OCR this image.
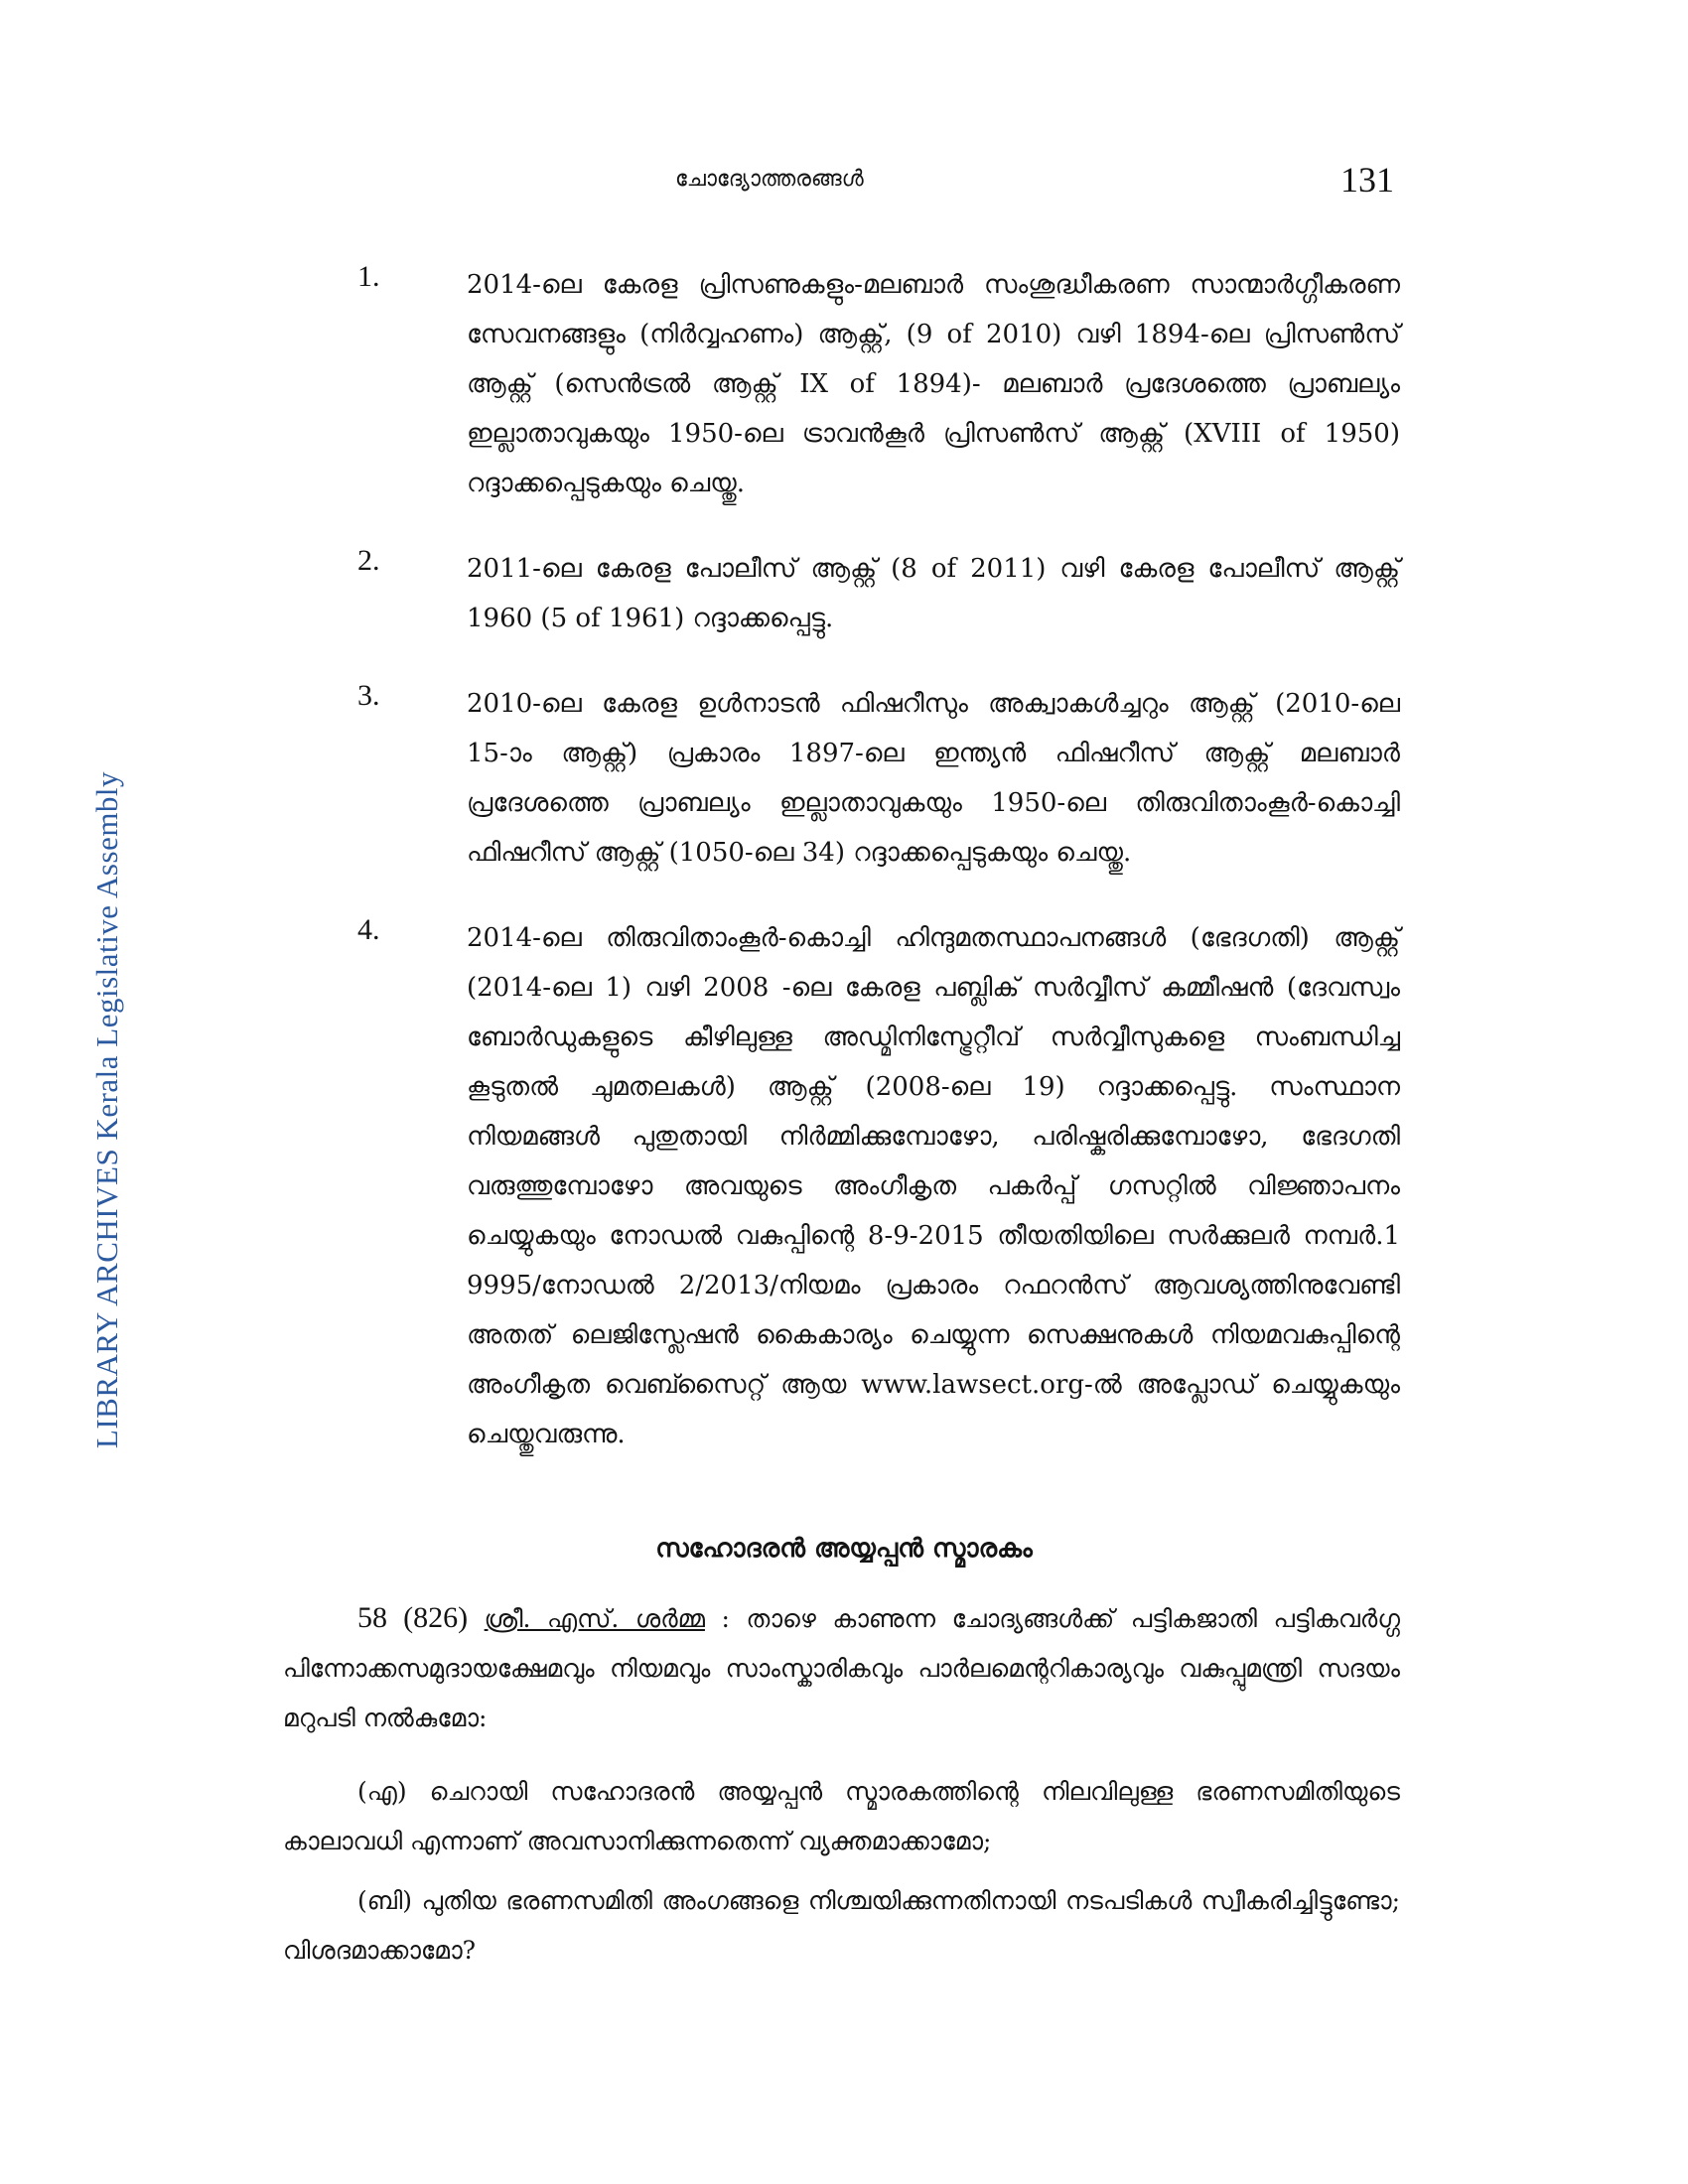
LIBRARY ARCHIVES Kerala Legislative Assembly
ചോദ്യോത്തരങ്ങൾ	131
1.	2014-ലെ കേരള പ്രിസണുകളും-മലബാർ സംശുദ്ധീകരണ സാന്മാർഗ്ഗീകരണ സേവനങ്ങളും (നിർവ്വഹണം) ആക്റ്റ്, (9 of 2010) വഴി 1894-ലെ പ്രിസൺസ് ആക്റ്റ് (സെൻട്രൽ ആക്റ്റ് IX of 1894)- മലബാർ പ്രദേശത്തെ പ്രാബല്യം ഇല്ലാതാവുകയും 1950-ലെ ട്രാവൻകൂർ പ്രിസൺസ് ആക്റ്റ് (XVIII of 1950) റദ്ദാക്കപ്പെടുകയും ചെയ്തു.
2.	2011-ലെ കേരള പോലീസ് ആക്റ്റ് (8 of 2011) വഴി കേരള പോലീസ് ആക്റ്റ് 1960 (5 of 1961) റദ്ദാക്കപ്പെട്ടു.
3.	2010-ലെ കേരള ഉൾനാടൻ ഫിഷറീസും അക്വാകൾച്ചറും ആക്റ്റ് (2010-ലെ 15-ാം ആക്റ്റ്) പ്രകാരം 1897-ലെ ഇന്ത്യൻ ഫിഷറീസ് ആക്റ്റ് മലബാർ പ്രദേശത്തെ പ്രാബല്യം ഇല്ലാതാവുകയും 1950-ലെ തിരുവിതാംകൂർ-കൊച്ചി ഫിഷറീസ് ആക്റ്റ് (1050-ലെ 34) റദ്ദാക്കപ്പെടുകയും ചെയ്തു.
4.	2014-ലെ തിരുവിതാംകൂർ-കൊച്ചി ഹിന്ദുമതസ്ഥാപനങ്ങൾ (ഭേദഗതി) ആക്റ്റ് (2014-ലെ 1) വഴി 2008 -ലെ കേരള പബ്ലിക് സർവ്വീസ് കമ്മീഷൻ (ദേവസ്വം ബോർഡുകളുടെ കീഴിലുള്ള അഡ്മിനിസ്ട്രേറ്റീവ് സർവ്വീസുകളെ സംബന്ധിച്ച കൂടുതൽ ചുമതലകൾ) ആക്റ്റ് (2008-ലെ 19) റദ്ദാക്കപ്പെട്ടു. സംസ്ഥാന നിയമങ്ങൾ പുതുതായി നിർമ്മിക്കുമ്പോഴോ, പരിഷ്കരിക്കുമ്പോഴോ, ഭേദഗതി വരുത്തുമ്പോഴോ അവയുടെ അംഗീകൃത പകർപ്പ് ഗസറ്റിൽ വിജ്ഞാപനം ചെയ്യുകയും നോഡൽ വകുപ്പിന്റെ 8-9-2015 തീയതിയിലെ സർക്കുലർ നമ്പർ.1 9995/നോഡൽ 2/2013/നിയമം പ്രകാരം റഫറൻസ് ആവശ്യത്തിനുവേണ്ടി അതത് ലെജിസ്ലേഷൻ കൈകാര്യം ചെയ്യുന്ന സെക്ഷനുകൾ നിയമവകുപ്പിന്റെ അംഗീകൃത വെബ്സൈറ്റ് ആയ www.lawsect.org-ൽ അപ്ലോഡ് ചെയ്യുകയും ചെയ്തുവരുന്നു.
സഹോദരൻ അയ്യപ്പൻ സ്മാരകം

58 (826) ശ്രീ. എസ്. ശർമ്മ : താഴെ കാണുന്ന ചോദ്യങ്ങൾക്ക് പട്ടികജാതി പട്ടികവർഗ്ഗ പിന്നോക്കസമുദായക്ഷേമവും നിയമവും സാംസ്കാരികവും പാർലമെന്ററികാര്യവും വകുപ്പുമന്ത്രി സദയം മറുപടി നൽകുമോ:

(എ) ചെറായി സഹോദരൻ അയ്യപ്പൻ സ്മാരകത്തിന്റെ നിലവിലുള്ള ഭരണസമിതിയുടെ കാലാവധി എന്നാണ് അവസാനിക്കുന്നതെന്ന് വ്യക്തമാക്കാമോ;

(ബി) പുതിയ ഭരണസമിതി അംഗങ്ങളെ നിശ്ചയിക്കുന്നതിനായി നടപടികൾ സ്വീകരിച്ചിട്ടുണ്ടോ; വിശദമാക്കാമോ?
